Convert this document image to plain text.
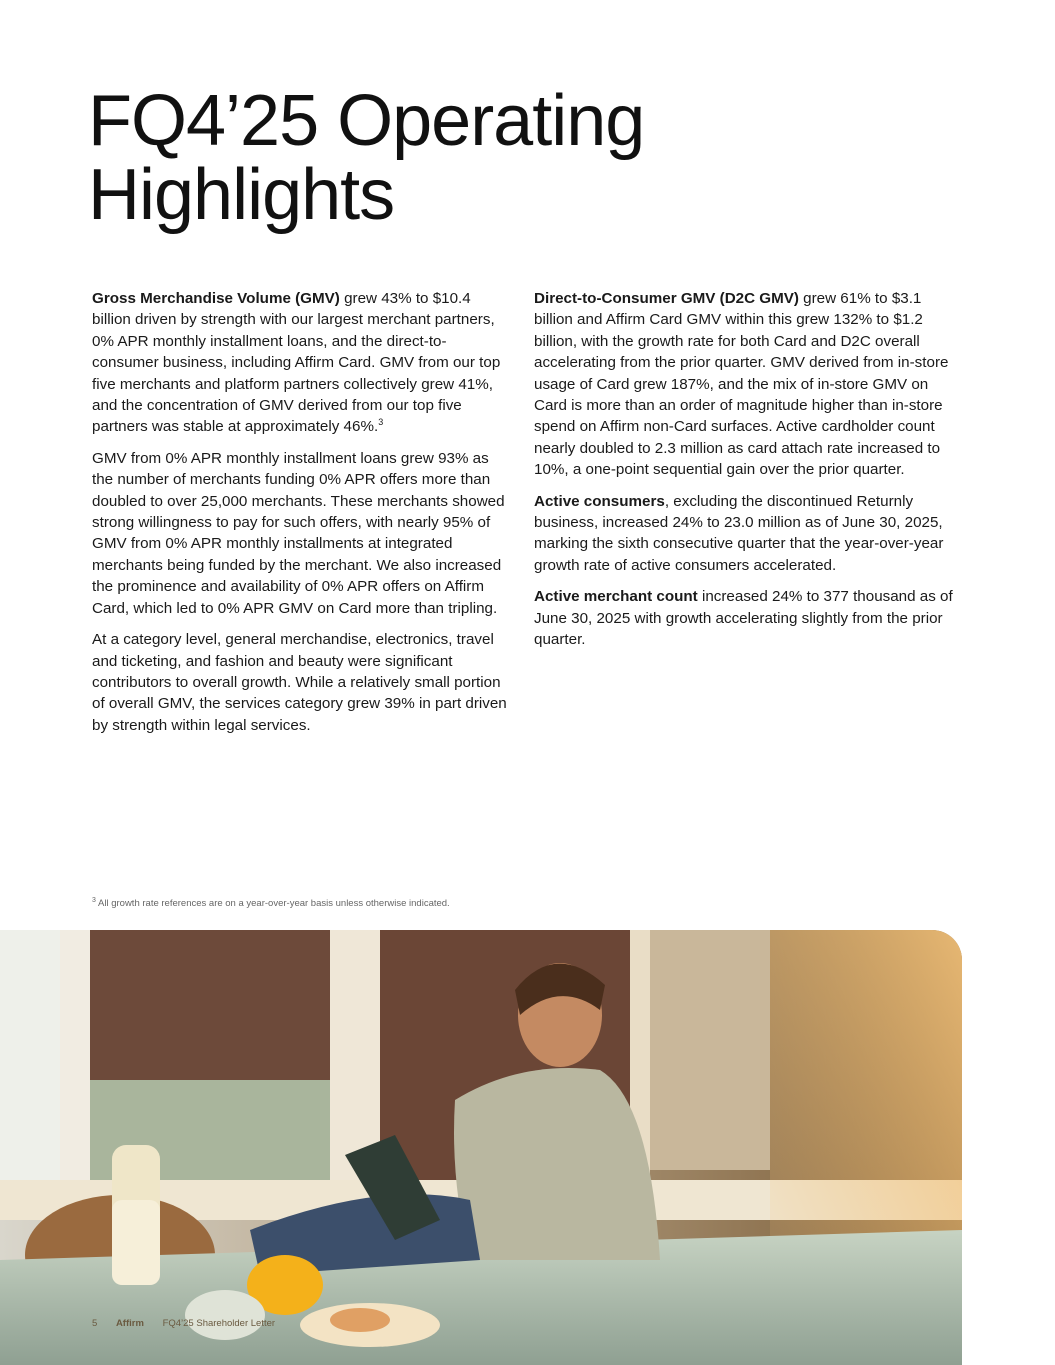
FQ4’25 Operating
Highlights

Gross Merchandise Volume (GMV) grew 43% to $10.4 billion driven by strength with our largest merchant partners, 0% APR monthly installment loans, and the direct-to-consumer business, including Affirm Card. GMV from our top five merchants and platform partners collectively grew 41%, and the concentration of GMV derived from our top five partners was stable at approximately 46%.$^3$

GMV from 0% APR monthly installment loans grew 93% as the number of merchants funding 0% APR offers more than doubled to over 25,000 merchants. These merchants showed strong willingness to pay for such offers, with nearly 95% of GMV from 0% APR monthly installments at integrated merchants being funded by the merchant. We also increased the prominence and availability of 0% APR offers on Affirm Card, which led to 0% APR GMV on Card more than tripling.

At a category level, general merchandise, electronics, travel and ticketing, and fashion and beauty were significant contributors to overall growth. While a relatively small portion of overall GMV, the services category grew 39% in part driven by strength within legal services.

Direct-to-Consumer GMV (D2C GMV) grew 61% to $3.1 billion and Affirm Card GMV within this grew 132% to $1.2 billion, with the growth rate for both Card and D2C overall accelerating from the prior quarter. GMV derived from in-store usage of Card grew 187%, and the mix of in-store GMV on Card is more than an order of magnitude higher than in-store spend on Affirm non-Card surfaces. Active cardholder count nearly doubled to 2.3 million as card attach rate increased to 10%, a one-point sequential gain over the prior quarter.

Active consumers, excluding the discontinued Returnly business, increased 24% to 23.0 million as of June 30, 2025, marking the sixth consecutive quarter that the year-over-year growth rate of active consumers accelerated.

Active merchant count increased 24% to 377 thousand as of June 30, 2025 with growth accelerating slightly from the prior quarter.

$^3$ All growth rate references are on a year-over-year basis unless otherwise indicated.
5 Affirm FQ4’25 Shareholder Letter
